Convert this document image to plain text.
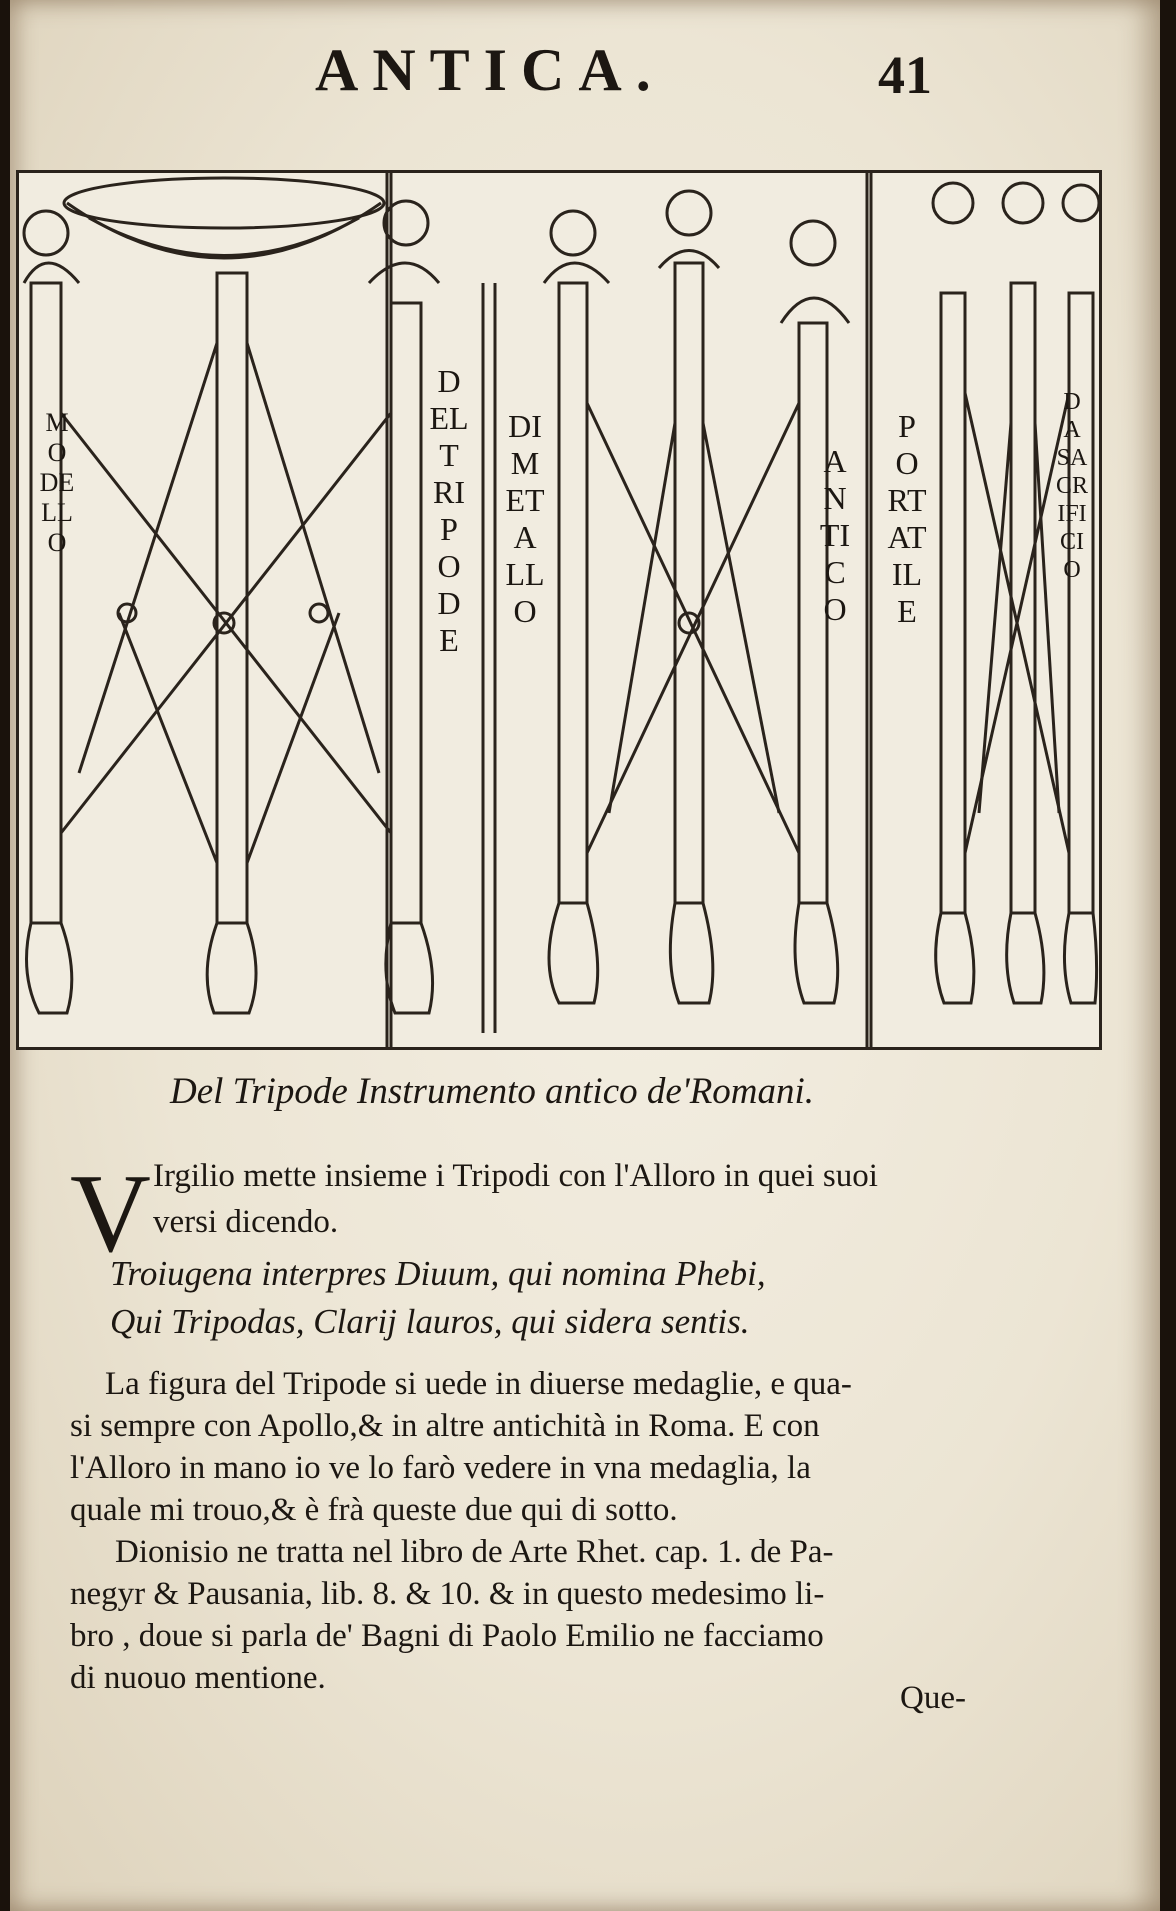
ANTICA.	41
MODELLO
DEL TRIPODE
DI METALLO
ANTICO
PORTATILE
DA SACRIFICIO
Del Tripode Instrumento antico de'Romani.
V Irgilio mette insieme i Tripodi con l'Alloro in quei suoi
versi dicendo.
Troiugena interpres Diuum, qui nomina Phebi,
Qui Tripodas, Clarij lauros, qui sidera sentis.
La figura del Tripode si uede in diuerse medaglie, e qua-
si sempre con Apollo,& in altre antichità in Roma. E con
l'Alloro in mano io ve lo farò vedere in vna medaglia, la
quale mi trouo,& è frà queste due qui di sotto.
Dionisio ne tratta nel libro de Arte Rhet. cap. 1. de Pa-
negyr & Pausania, lib. 8. & 10. & in questo medesimo li-
bro , doue si parla de' Bagni di Paolo Emilio ne facciamo
di nuouo mentione.
Que-
